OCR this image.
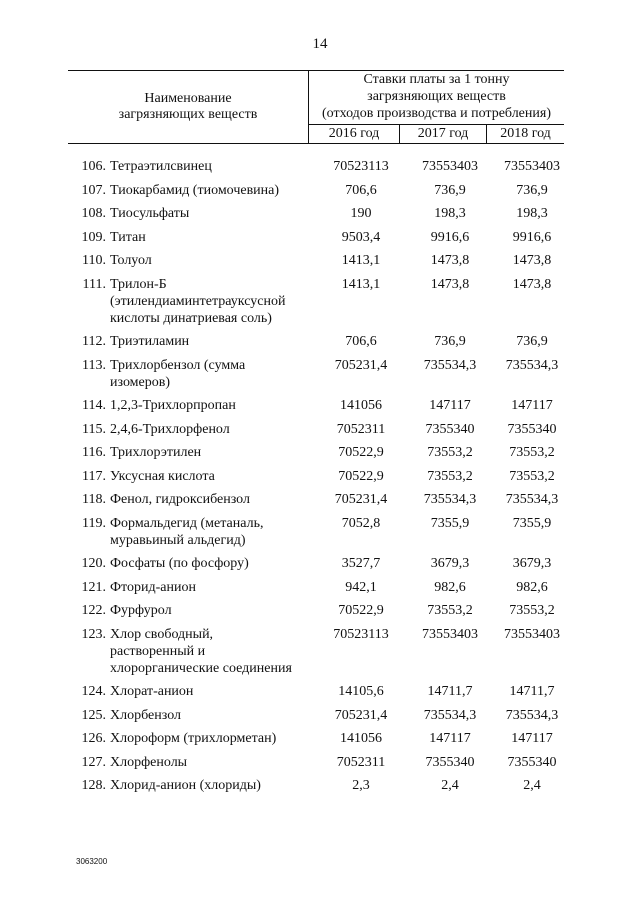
14
Наименование
загрязняющих веществ
Ставки платы за 1 тонну
загрязняющих веществ
(отходов производства и потребления)
2016 год	2017 год	2018 год
106. Тетраэтилсвинец	70523113	73553403	73553403
107. Тиокарбамид (тиомочевина)	706,6	736,9	736,9
108. Тиосульфаты	190	198,3	198,3
109. Титан	9503,4	9916,6	9916,6
110. Толуол	1413,1	1473,8	1473,8
111. Трилон-Б
(этилендиаминтетрауксусной
кислоты динатриевая соль)
1413,1	1473,8	1473,8
112. Триэтиламин	706,6	736,9	736,9
113. Трихлорбензол (сумма
изомеров)
705231,4	735534,3	735534,3
114. 1,2,3-Трихлорпропан	141056	147117	147117
115. 2,4,6-Трихлорфенол	7052311	7355340	7355340
116. Трихлорэтилен	70522,9	73553,2	73553,2
117. Уксусная кислота	70522,9	73553,2	73553,2
118. Фенол, гидроксибензол	705231,4	735534,3	735534,3
119. Формальдегид (метаналь,
муравьиный альдегид)
7052,8	7355,9	7355,9
120. Фосфаты (по фосфору)	3527,7	3679,3	3679,3
121. Фторид-анион	942,1	982,6	982,6
122. Фурфурол	70522,9	73553,2	73553,2
123. Хлор свободный,
растворенный и
хлорорганические соединения
70523113	73553403	73553403
124. Хлорат-анион	14105,6	14711,7	14711,7
125. Хлорбензол	705231,4	735534,3	735534,3
126. Хлороформ (трихлорметан)	141056	147117	147117
127. Хлорфенолы	7052311	7355340	7355340
128. Хлорид-анион (хлориды)	2,3	2,4	2,4
3063200
